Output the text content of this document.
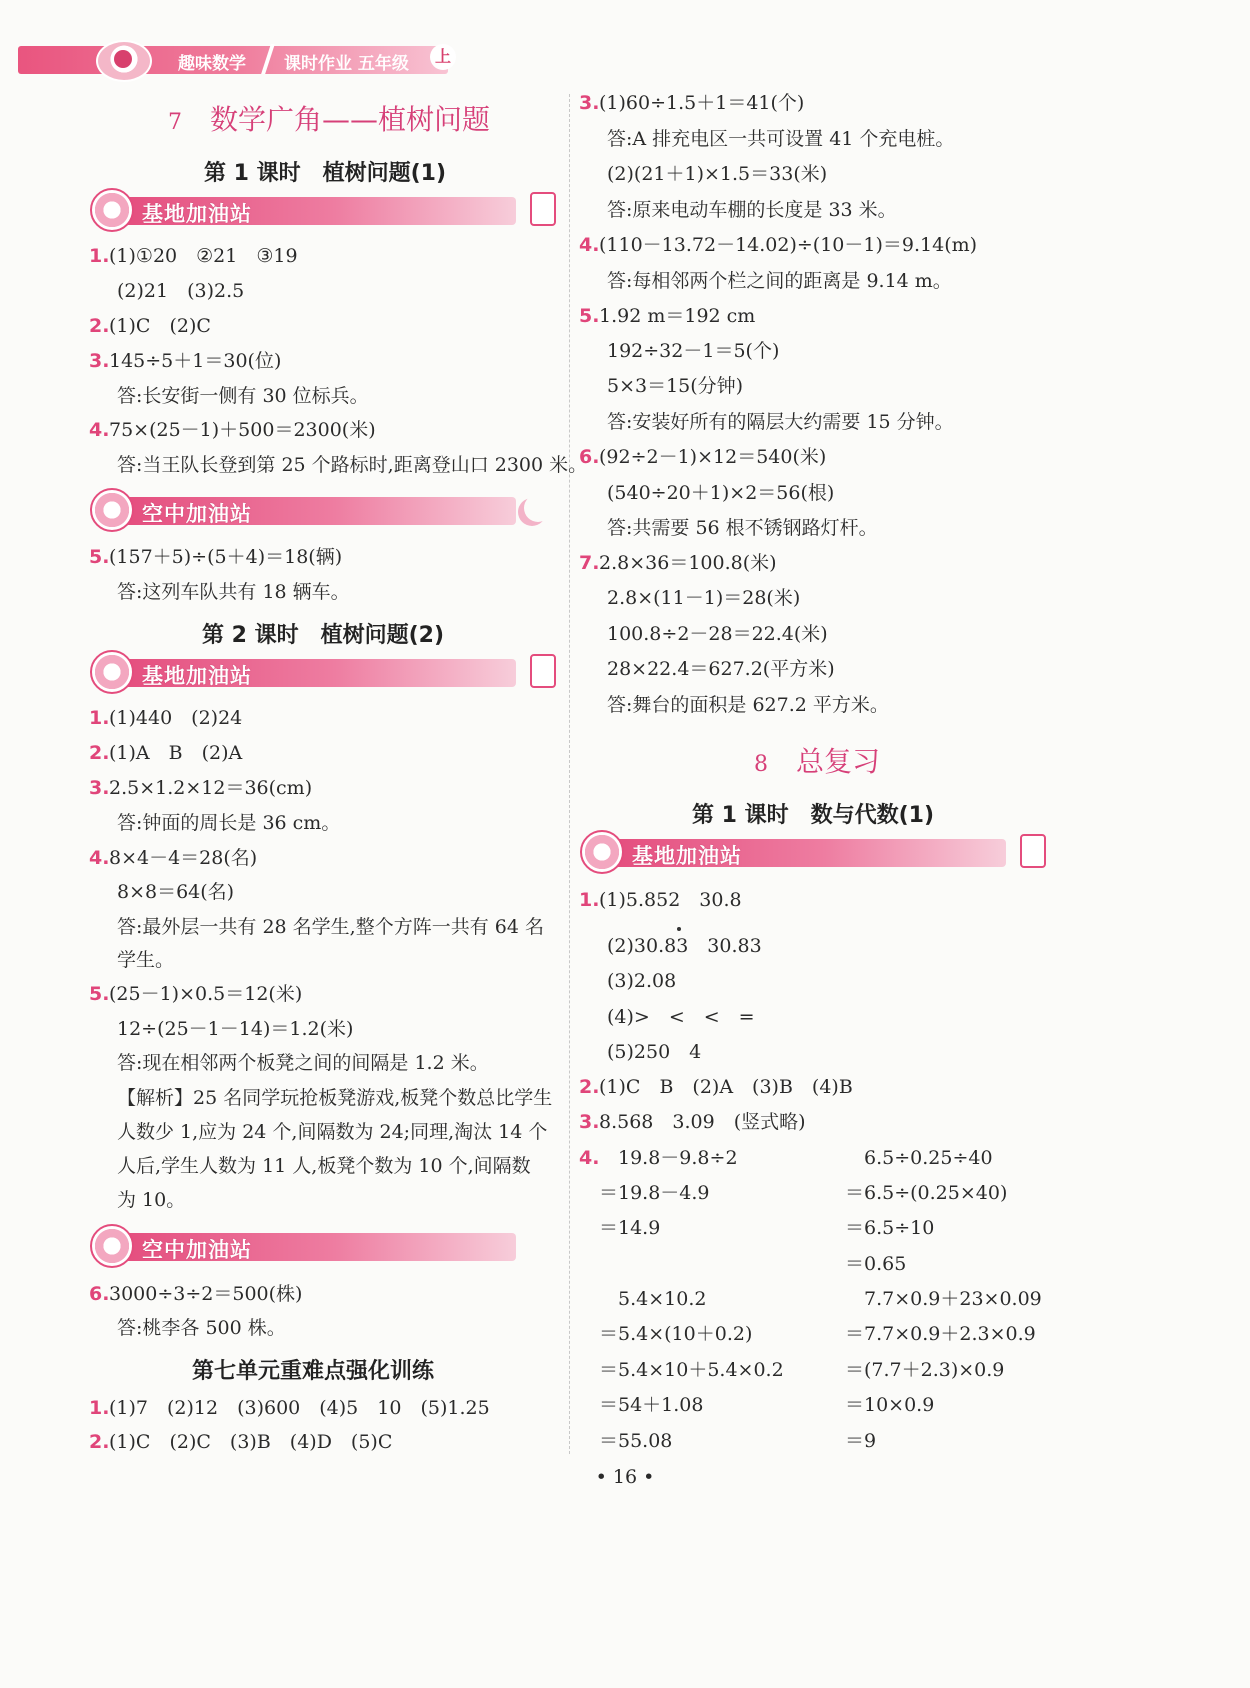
趣味数学 课时作业 五年级	上
7 数学广角——植树问题
第 1 课时　植树问题(1)
基地加油站
1. (1)①20　②21　③19
(2)21　(3)2.5
2. (1)C　(2)C
3. 145÷5＋1＝30(位)
答:长安街一侧有 30 位标兵。
4. 75×(25－1)＋500＝2300(米)
答:当王队长登到第 25 个路标时,距离登山口 2300 米。
5. (157＋5)÷(5＋4)＝18(辆)
答:这列车队共有 18 辆车。
1. (1)440　(2)24
2. (1)A　B　(2)A
3. 2.5×1.2×12＝36(cm)
答:钟面的周长是 36 cm。
4. 8×4－4＝28(名)
8×8＝64(名)
答:最外层一共有 28 名学生,整个方阵一共有 64 名
学生。
5. (25－1)×0.5＝12(米)
12÷(25－1－14)＝1.2(米)
答:现在相邻两个板凳之间的间隔是 1.2 米。
【解析】25 名同学玩抢板凳游戏,板凳个数总比学生
人数少 1,应为 24 个,间隔数为 24;同理,淘汰 14 个
人后,学生人数为 11 人,板凳个数为 10 个,间隔数
为 10。
6. 3000÷3÷2＝500(株)
答:桃李各 500 株。
1. (1)7　(2)12　(3)600　(4)5　10　(5)1.25
2. (1)C　(2)C　(3)B　(4)D　(5)C
空中加油站
第 2 课时　植树问题(2)
基地加油站
空中加油站
第七单元重难点强化训练
8 总复习
第 1 课时　数与代数(1)
基地加油站
3. (1)60÷1.5＋1＝41(个)
答:A 排充电区一共可设置 41 个充电桩。
(2)(21＋1)×1.5＝33(米)
答:原来电动车棚的长度是 33 米。
4. (110－13.72－14.02)÷(10－1)＝9.14(m)
答:每相邻两个栏之间的距离是 9.14 m。
5. 1.92 m＝192 cm
192÷32－1＝5(个)
5×3＝15(分钟)
答:安装好所有的隔层大约需要 15 分钟。
6. (92÷2－1)×12＝540(米)
(540÷20＋1)×2＝56(根)
答:共需要 56 根不锈钢路灯杆。
7. 2.8×36＝100.8(米)
2.8×(11－1)＝28(米)
100.8÷2－28＝22.4(米)
28×22.4＝627.2(平方米)
答:舞台的面积是 627.2 平方米。
1. (1)5.852　30.8
(2)30.83　30.83
(3)2.08
(4)>　<　<　=
(5)250　4
2. (1)C　B　(2)A　(3)B　(4)B
3. 8.568　3.09　(竖式略)
4. 19.8－9.8÷2
＝19.8－4.9
＝14.9
5.4×10.2
＝5.4×(10＋0.2)
＝5.4×10＋5.4×0.2
＝54＋1.08
＝55.08
6.5÷0.25÷40
＝6.5÷(0.25×40)
＝6.5÷10
＝0.65
7.7×0.9＋23×0.09
＝7.7×0.9＋2.3×0.9
＝(7.7＋2.3)×0.9
＝10×0.9
＝9
• 16 •
